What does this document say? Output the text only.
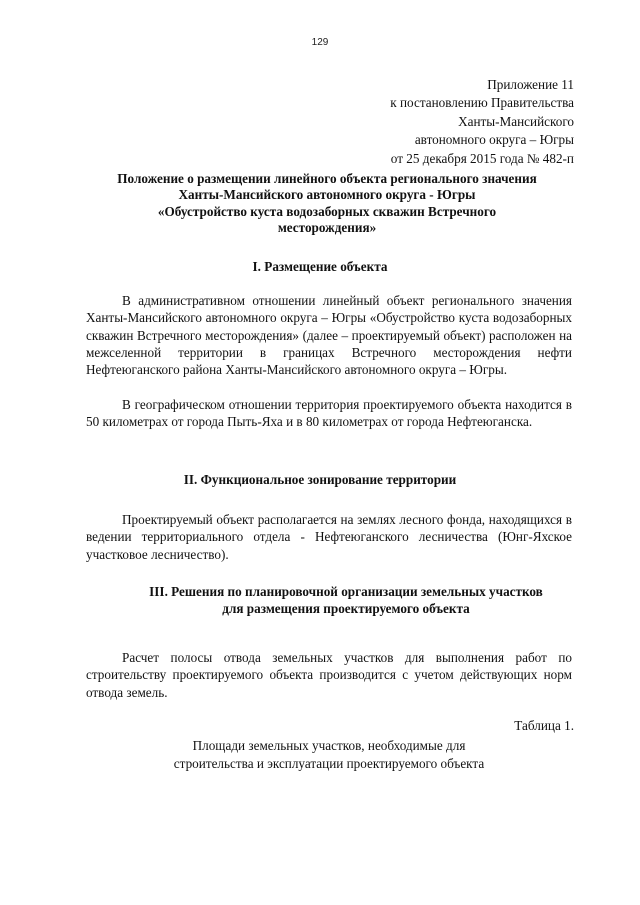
129
Приложение 11
к постановлению Правительства
Ханты-Мансийского
автономного округа – Югры
от 25 декабря 2015 года № 482-п
Положение о размещении линейного объекта регионального значения
Ханты-Мансийского автономного округа - Югры
«Обустройство куста водозаборных скважин Встречного
месторождения»
I. Размещение объекта

В административном отношении линейный объект регионального значения Ханты-Мансийского автономного округа – Югры «Обустройство куста водозаборных скважин Встречного месторождения» (далее – проектируемый объект) расположен на межселенной территории в границах Встречного месторождения нефти Нефтеюганского района Ханты-Мансийского автономного округа – Югры.

В географическом отношении территория проектируемого объекта находится в 50 километрах от города Пыть-Яха и в 80 километрах от города Нефтеюганска.

II. Функциональное зонирование территории

Проектируемый объект располагается на землях лесного фонда, находящихся в ведении территориального отдела - Нефтеюганского лесничества (Юнг-Яхское участковое лесничество).

III. Решения по планировочной организации земельных участков
для размещения проектируемого объекта

Расчет полосы отвода земельных участков для выполнения работ по строительству проектируемого объекта производится с учетом действующих норм отвода земель.

Таблица 1.
Площади земельных участков, необходимые для
строительства и эксплуатации проектируемого объекта
